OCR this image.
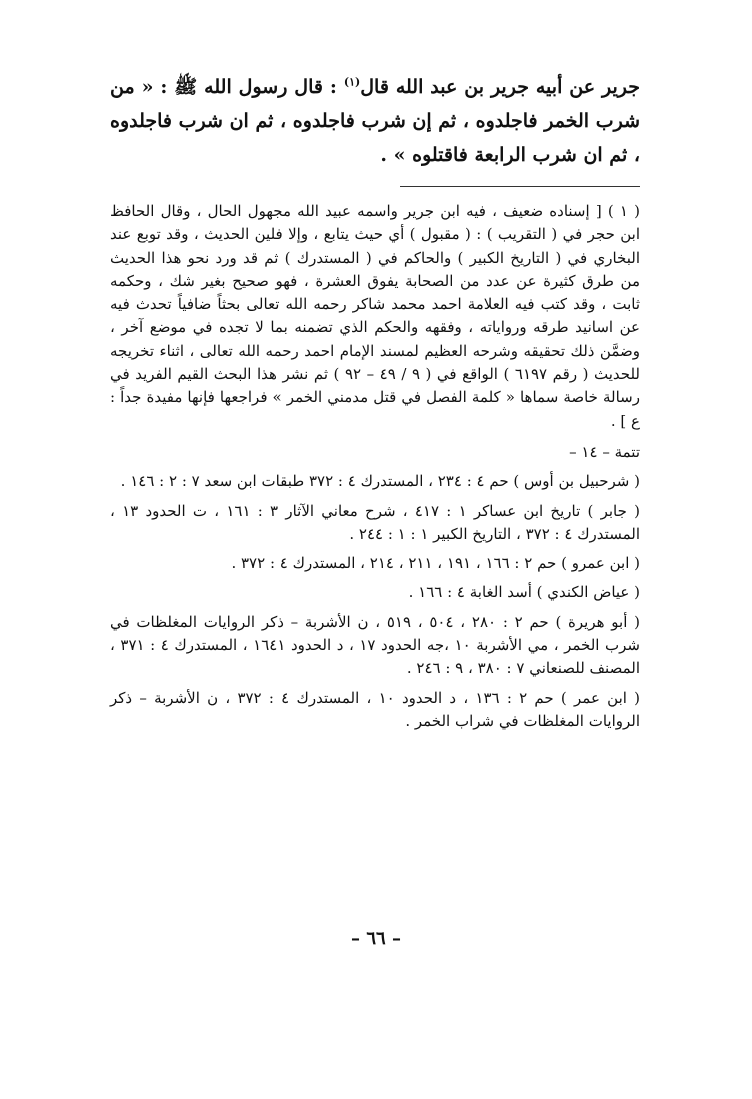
جرير عن أبيه جرير بن عبد الله قال$^{(١)}$ : قال رسول الله ﷺ : « من شرب الخمر فاجلدوه ، ثم إن شرب فاجلدوه ، ثم ان شرب فاجلدوه ، ثم ان شرب الرابعة فاقتلوه » .

( ١ ) [ إسناده ضعيف ، فيه ابن جرير واسمه عبيد الله مجهول الحال ، وقال الحافظ ابن حجر في ( التقريب ) : ( مقبول ) أي حيث يتابع ، وإلا فلين الحديث ، وقد توبع عند البخاري في ( التاريخ الكبير ) والحاكم في ( المستدرك ) ثم قد ورد نحو هذا الحديث من طرق كثيرة عن عدد من الصحابة يفوق العشرة ، فهو صحيح بغير شك ، وحكمه ثابت ، وقد كتب فيه العلامة احمد محمد شاكر رحمه الله تعالى بحثاً ضافياً تحدث فيه عن اسانيد طرقه ورواياته ، وفقهه والحكم الذي تضمنه بما لا تجده في موضع آخر ، وضمَّن ذلك تحقيقه وشرحه العظيم لمسند الإمام احمد رحمه الله تعالى ، اثناء تخريجه للحديث ( رقم ٦١٩٧ ) الواقع في ( ٩ / ٤٩ – ٩٢ ) ثم نشر هذا البحث القيم الفريد في رسالة خاصة سماها « كلمة الفصل في قتل مدمني الخمر » فراجعها فإنها مفيدة جداً : ع ] .

تتمة – ١٤ –

( شرحبيل بن أوس ) حم ٤ : ٢٣٤ ، المستدرك ٤ : ٣٧٢ طبقات ابن سعد ٧ : ٢ : ١٤٦ .

( جابر ) تاريخ ابن عساكر ١ : ٤١٧ ، شرح معاني الآثار ٣ : ١٦١ ، ت الحدود ١٣ ، المستدرك ٤ : ٣٧٢ ، التاريخ الكبير ١ : ١ : ٢٤٤ .

( ابن عمرو ) حم ٢ : ١٦٦ ، ١٩١ ، ٢١١ ، ٢١٤ ، المستدرك ٤ : ٣٧٢ .

( عياض الكندي ) أسد الغابة ٤ : ١٦٦ .

( أبو هريرة ) حم ٢ : ٢٨٠ ، ٥٠٤ ، ٥١٩ ، ن الأشربة – ذكر الروايات المغلظات في شرب الخمر ، مي الأشربة ١٠ ،جه الحدود ١٧ ، د الحدود ١٦٤١ ، المستدرك ٤ : ٣٧١ ، المصنف للصنعاني ٧ : ٣٨٠ ، ٩ : ٢٤٦ .

( ابن عمر ) حم ٢ : ١٣٦ ، د الحدود ١٠ ، المستدرك ٤ : ٣٧٢ ، ن الأشربة – ذكر الروايات المغلظات في شراب الخمر .

– ٦٦ –
